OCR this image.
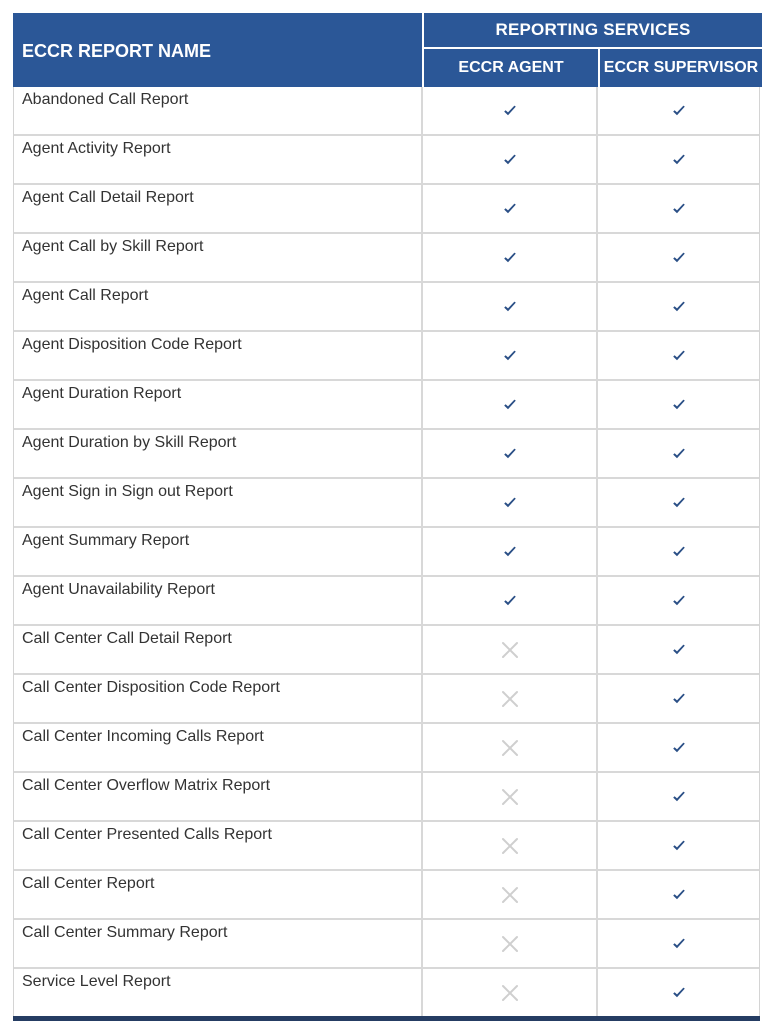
ECCR REPORT NAME
REPORTING SERVICES
ECCR AGENT	ECCR SUPERVISOR
Abandoned Call Report
Agent Activity Report
Agent Call Detail Report
Agent Call by Skill Report
Agent Call Report
Agent Disposition Code Report
Agent Duration Report
Agent Duration by Skill Report
Agent Sign in Sign out Report
Agent Summary Report
Agent Unavailability Report
Call Center Call Detail Report
Call Center Disposition Code Report
Call Center Incoming Calls Report
Call Center Overflow Matrix Report
Call Center Presented Calls Report
Call Center Report
Call Center Summary Report
Service Level Report
